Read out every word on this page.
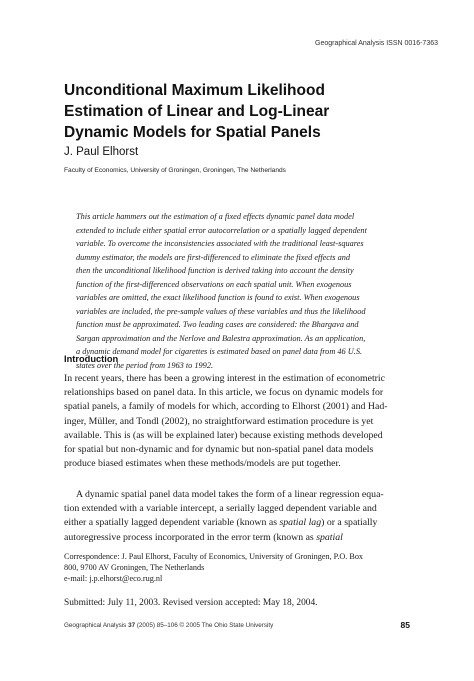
Geographical Analysis ISSN 0016-7363
Unconditional Maximum Likelihood
Estimation of Linear and Log-Linear
Dynamic Models for Spatial Panels
J. Paul Elhorst
Faculty of Economics, University of Groningen, Groningen, The Netherlands
This article hammers out the estimation of a fixed effects dynamic panel data model
extended to include either spatial error autocorrelation or a spatially lagged dependent
variable. To overcome the inconsistencies associated with the traditional least-squares
dummy estimator, the models are first-differenced to eliminate the fixed effects and
then the unconditional likelihood function is derived taking into account the density
function of the first-differenced observations on each spatial unit. When exogenous
variables are omitted, the exact likelihood function is found to exist. When exogenous
variables are included, the pre-sample values of these variables and thus the likelihood
function must be approximated. Two leading cases are considered: the Bhargava and
Sargan approximation and the Nerlove and Balestra approximation. As an application,
a dynamic demand model for cigarettes is estimated based on panel data from 46 U.S.
states over the period from 1963 to 1992.
Introduction
In recent years, there has been a growing interest in the estimation of econometric
relationships based on panel data. In this article, we focus on dynamic models for
spatial panels, a family of models for which, according to Elhorst (2001) and Had-
inger, Müller, and Tondl (2002), no straightforward estimation procedure is yet
available. This is (as will be explained later) because existing methods developed
for spatial but non-dynamic and for dynamic but non-spatial panel data models
produce biased estimates when these methods/models are put together.
A dynamic spatial panel data model takes the form of a linear regression equa-
tion extended with a variable intercept, a serially lagged dependent variable and
either a spatially lagged dependent variable (known as spatial lag) or a spatially
autoregressive process incorporated in the error term (known as spatial
Correspondence: J. Paul Elhorst, Faculty of Economics, University of Groningen, P.O. Box
800, 9700 AV Groningen, The Netherlands
e-mail: j.p.elhorst@eco.rug.nl
Submitted: July 11, 2003. Revised version accepted: May 18, 2004.
Geographical Analysis 37 (2005) 85–106 © 2005 The Ohio State University	85
